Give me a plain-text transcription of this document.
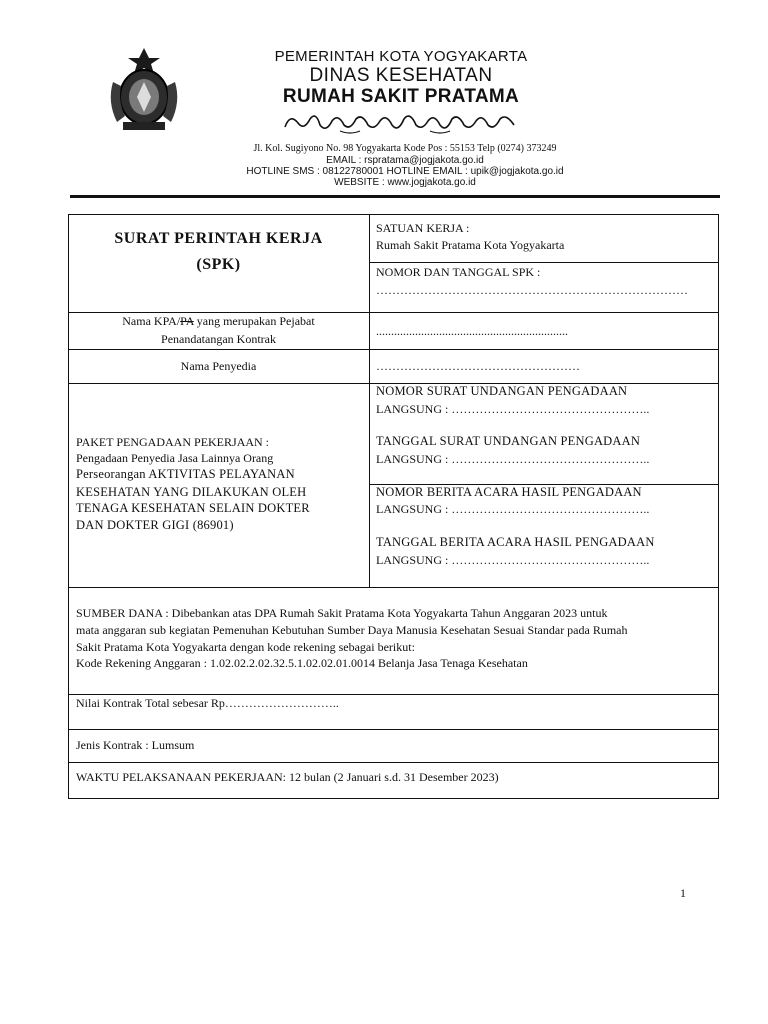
PEMERINTAH KOTA YOGYAKARTA
DINAS KESEHATAN
RUMAH SAKIT PRATAMA
Jl. Kol. Sugiyono No. 98 Yogyakarta Kode Pos : 55153 Telp (0274) 373249
EMAIL : rspratama@jogjakota.go.id
HOTLINE SMS : 08122780001 HOTLINE EMAIL : upik@jogjakota.go.id
WEBSITE : www.jogjakota.go.id
SURAT PERINTAH KERJA
(SPK)
SATUAN KERJA :
Rumah Sakit Pratama Kota Yogyakarta
NOMOR DAN TANGGAL SPK :
……………………………………………………………………
Nama KPA/PA yang merupakan Pejabat
Penandatangan Kontrak
................................................................
Nama Penyedia	……………………………………………
PAKET PENGADAAN PEKERJAAN :
Pengadaan Penyedia Jasa Lainnya Orang
Perseorangan AKTIVITAS PELAYANAN
KESEHATAN YANG DILAKUKAN OLEH
TENAGA KESEHATAN SELAIN DOKTER
DAN DOKTER GIGI (86901)
NOMOR SURAT UNDANGAN PENGADAAN
LANGSUNG : …………………………………………..
TANGGAL SURAT UNDANGAN PENGADAAN
LANGSUNG : …………………………………………..
NOMOR BERITA ACARA HASIL PENGADAAN
LANGSUNG : …………………………………………..
TANGGAL BERITA ACARA HASIL PENGADAAN
LANGSUNG : …………………………………………..
SUMBER DANA : Dibebankan atas DPA Rumah Sakit Pratama Kota Yogyakarta Tahun Anggaran 2023 untuk
mata anggaran sub kegiatan Pemenuhan Kebutuhan Sumber Daya Manusia Kesehatan Sesuai Standar pada Rumah
Sakit Pratama Kota Yogyakarta dengan kode rekening sebagai berikut:
Kode Rekening Anggaran : 1.02.02.2.02.32.5.1.02.02.01.0014 Belanja Jasa Tenaga Kesehatan
Nilai Kontrak Total sebesar Rp………………………..
Jenis Kontrak : Lumsum
WAKTU PELAKSANAAN PEKERJAAN: 12 bulan (2 Januari s.d. 31 Desember 2023)
1
